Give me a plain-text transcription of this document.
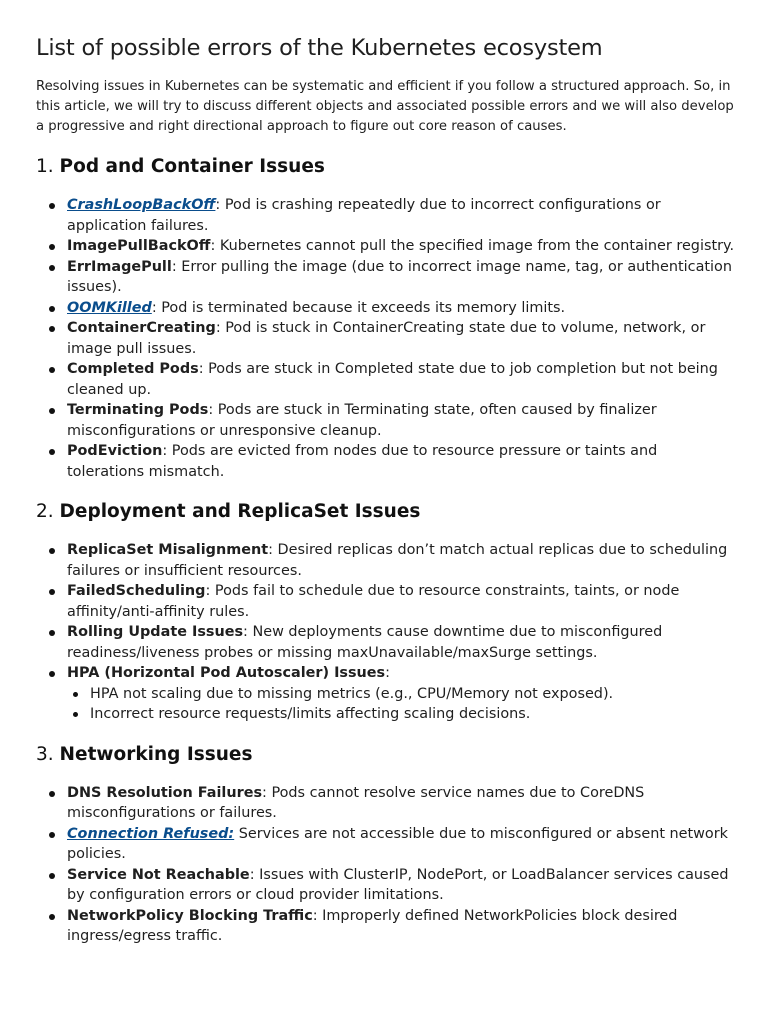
List of possible errors of the Kubernetes ecosystem

Resolving issues in Kubernetes can be systematic and efficient if you follow a structured approach. So, in this article, we will try to discuss different objects and associated possible errors and we will also develop a progressive and right directional approach to figure out core reason of causes.

1. Pod and Container Issues
CrashLoopBackOff: Pod is crashing repeatedly due to incorrect configurations or application failures.
ImagePullBackOff: Kubernetes cannot pull the specified image from the container registry.
ErrImagePull: Error pulling the image (due to incorrect image name, tag, or authentication issues).
OOMKilled: Pod is terminated because it exceeds its memory limits.
ContainerCreating: Pod is stuck in ContainerCreating state due to volume, network, or image pull issues.
Completed Pods: Pods are stuck in Completed state due to job completion but not being cleaned up.
Terminating Pods: Pods are stuck in Terminating state, often caused by finalizer misconfigurations or unresponsive cleanup.
PodEviction: Pods are evicted from nodes due to resource pressure or taints and tolerations mismatch.
2. Deployment and ReplicaSet Issues
ReplicaSet Misalignment: Desired replicas don’t match actual replicas due to scheduling failures or insufficient resources.
FailedScheduling: Pods fail to schedule due to resource constraints, taints, or node affinity/anti-affinity rules.
Rolling Update Issues: New deployments cause downtime due to misconfigured readiness/liveness probes or missing maxUnavailable/maxSurge settings.
HPA (Horizontal Pod Autoscaler) Issues:
HPA not scaling due to missing metrics (e.g., CPU/Memory not exposed).
Incorrect resource requests/limits affecting scaling decisions.
3. Networking Issues
DNS Resolution Failures: Pods cannot resolve service names due to CoreDNS misconfigurations or failures.
Connection Refused: Services are not accessible due to misconfigured or absent network policies.
Service Not Reachable: Issues with ClusterIP, NodePort, or LoadBalancer services caused by configuration errors or cloud provider limitations.
NetworkPolicy Blocking Traffic: Improperly defined NetworkPolicies block desired ingress/egress traffic.
